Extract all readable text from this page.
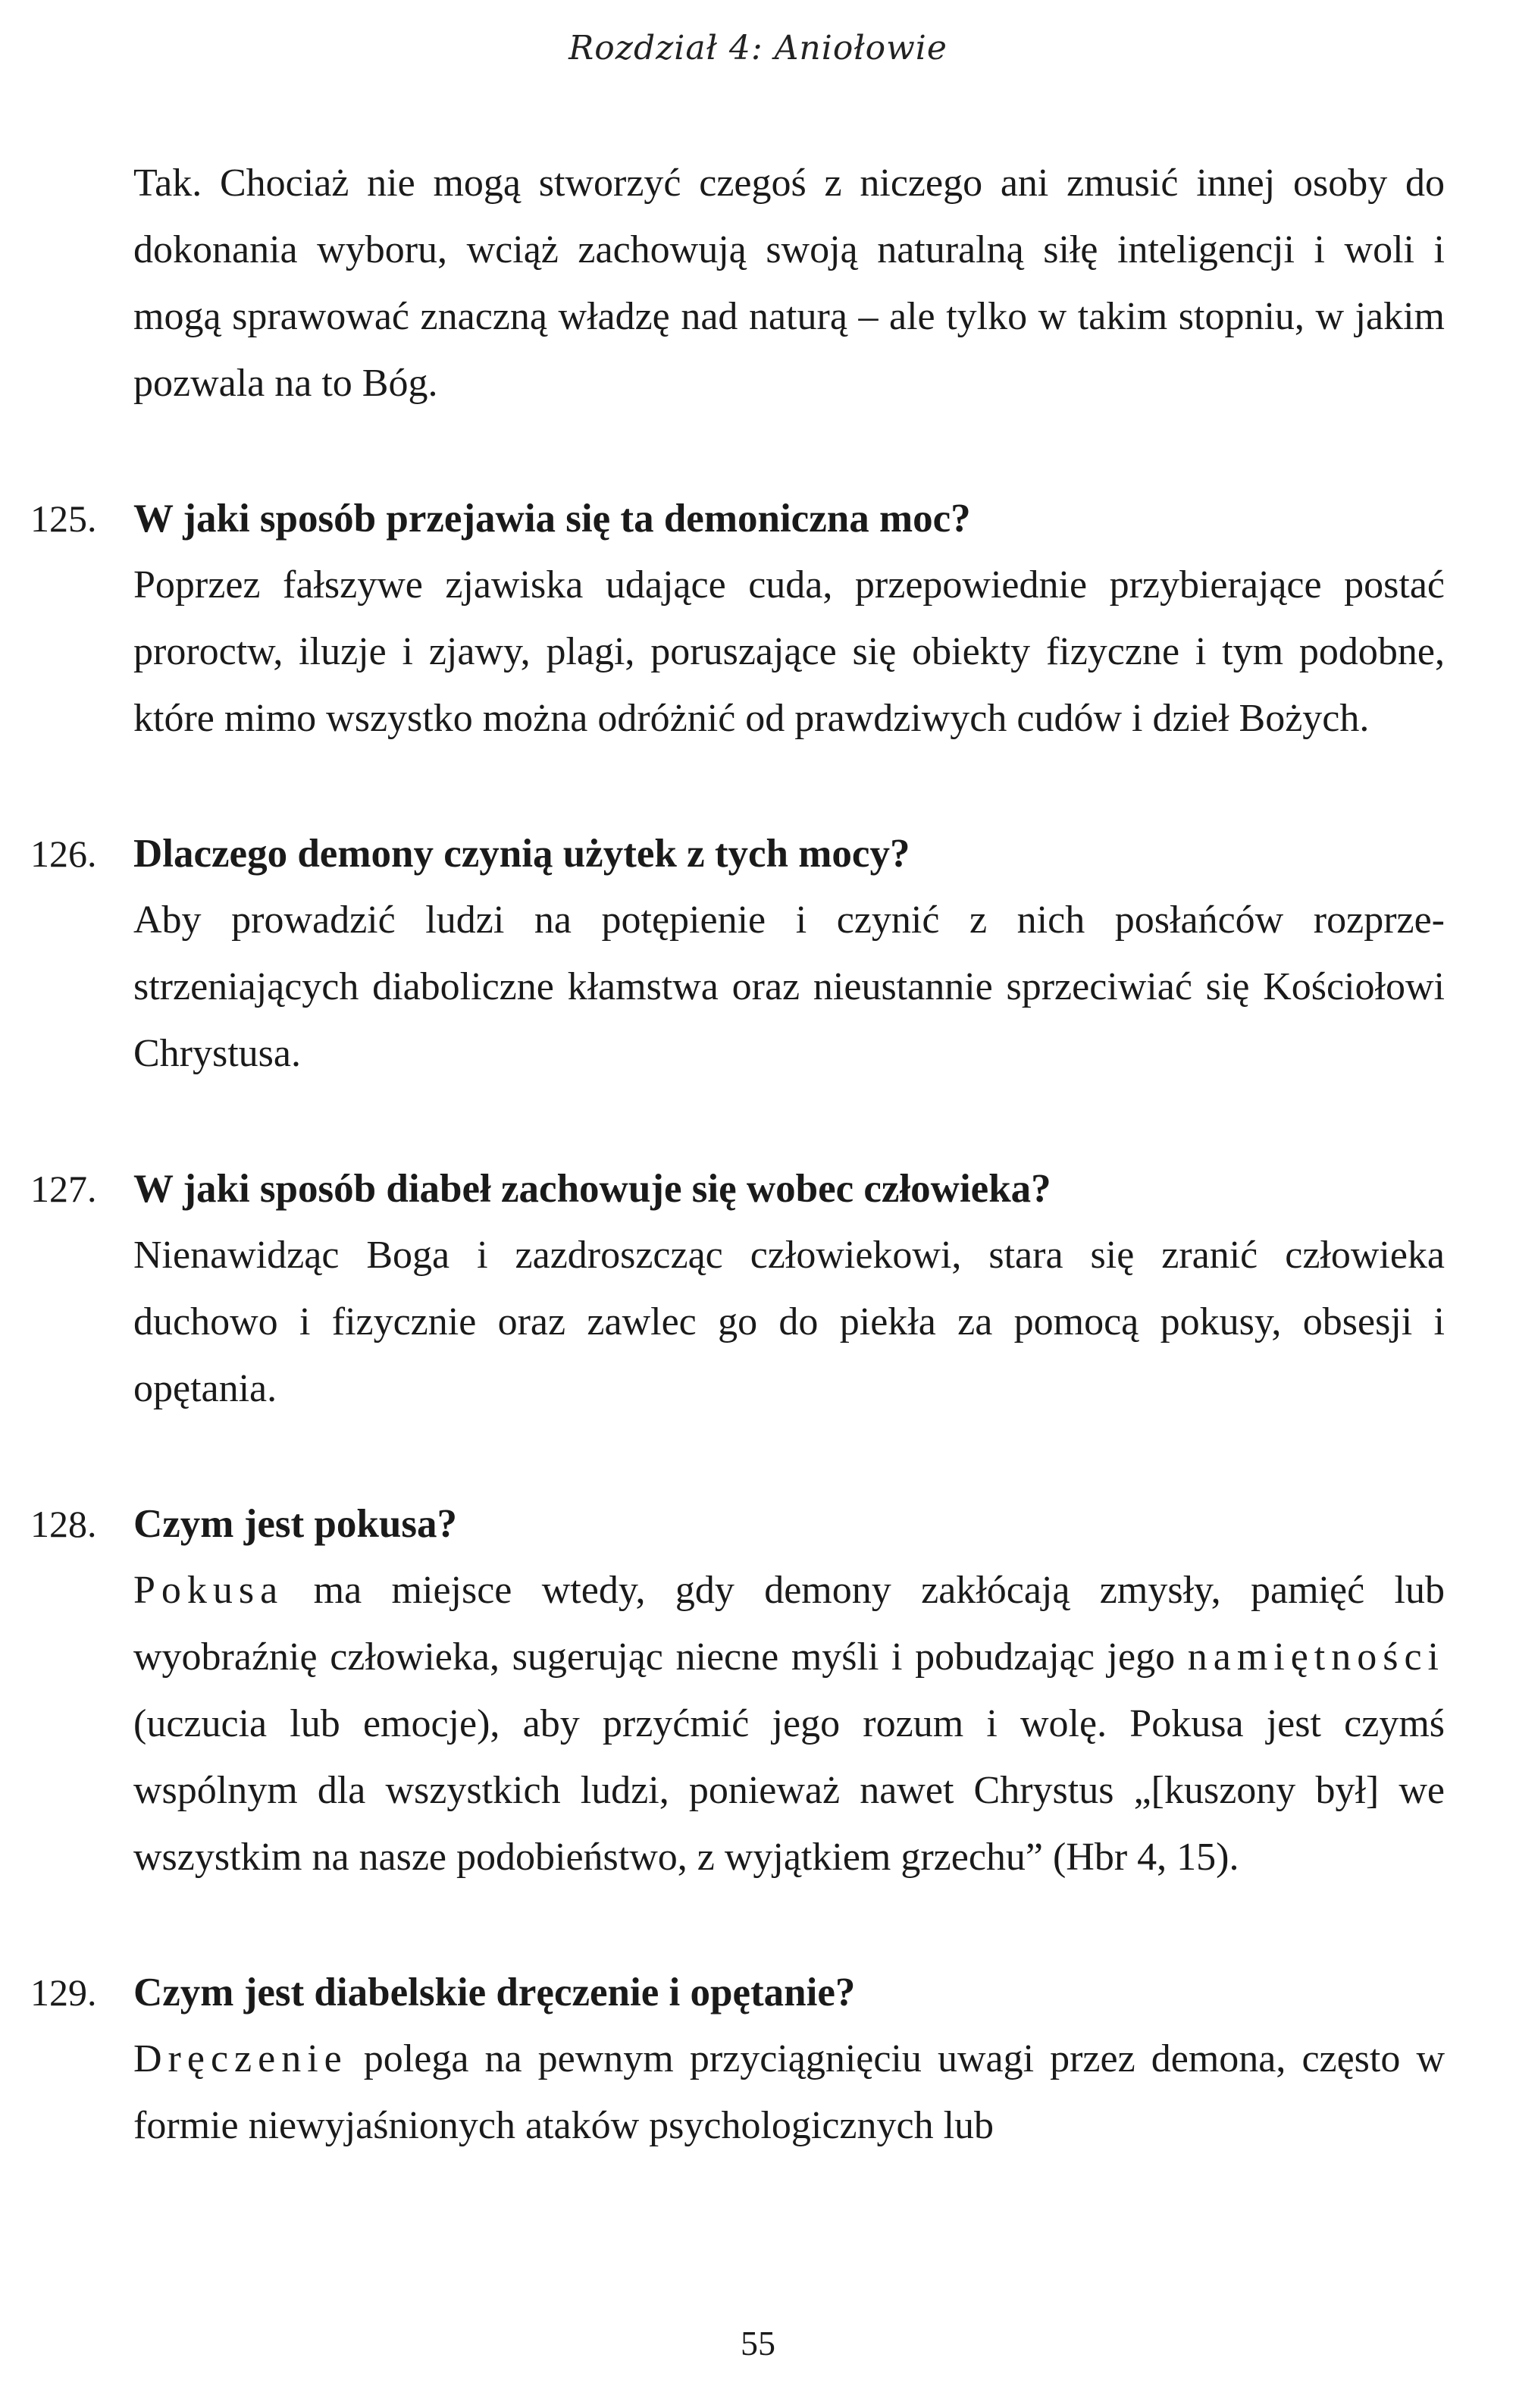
Rozdział 4: Aniołowie

Tak. Chociaż nie mogą stworzyć czegoś z niczego ani zmusić innej osoby do dokonania wyboru, wciąż zachowują swoją naturalną siłę inteligencji i woli i mogą sprawować znaczną władzę nad naturą – ale tylko w takim stopniu, w jakim pozwala na to Bóg.

125. W jaki sposób przejawia się ta demoniczna moc?

Poprzez fałszywe zjawiska udające cuda, przepowiednie przybierające postać proroctw, iluzje i zjawy, plagi, poruszające się obiekty fizyczne i tym podobne, które mimo wszystko można odróżnić od prawdziwych cudów i dzieł Bożych.

126. Dlaczego demony czynią użytek z tych mocy?

Aby prowadzić ludzi na potępienie i czynić z nich posłańców rozprzestrzeniających diaboliczne kłamstwa oraz nieustannie sprzeciwiać się Kościołowi Chrystusa.

127. W jaki sposób diabeł zachowuje się wobec człowieka?

Nienawidząc Boga i zazdroszcząc człowiekowi, stara się zranić człowieka duchowo i fizycznie oraz zawlec go do piekła za pomocą pokusy, obsesji i opętania.

128. Czym jest pokusa?

Pokusa ma miejsce wtedy, gdy demony zakłócają zmysły, pamięć lub wyobraźnię człowieka, sugerując niecne myśli i pobudzając jego namiętności (uczucia lub emocje), aby przyćmić jego rozum i wolę. Pokusa jest czymś wspólnym dla wszystkich ludzi, ponieważ nawet Chrystus „[kuszony był] we wszystkim na nasze podobieństwo, z wyjątkiem grzechu” (Hbr 4, 15).

129. Czym jest diabelskie dręczenie i opętanie?

Dręczenie polega na pewnym przyciągnięciu uwagi przez demona, często w formie niewyjaśnionych ataków psychologicznych lub

55
